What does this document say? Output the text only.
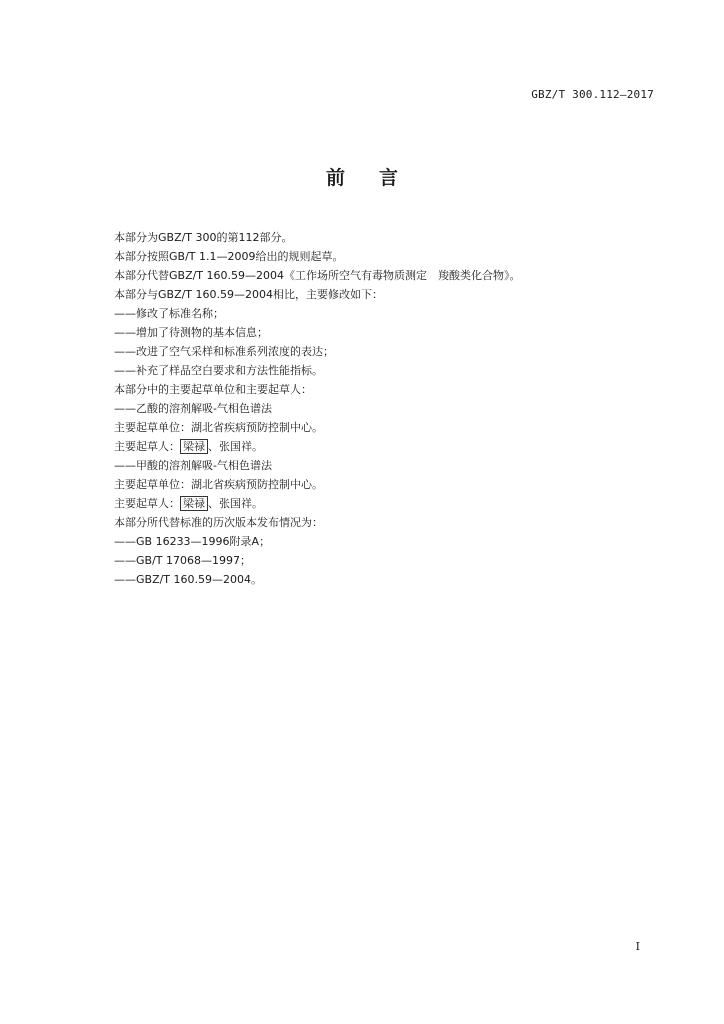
GBZ/T 300.112—2017
前 言
本部分为GBZ/T 300的第112部分。
本部分按照GB/T 1.1—2009给出的规则起草。
本部分代替GBZ/T 160.59—2004《工作场所空气有毒物质测定　羧酸类化合物》。
本部分与GBZ/T 160.59—2004相比，主要修改如下：
——修改了标准名称；
——增加了待测物的基本信息；
——改进了空气采样和标准系列浓度的表达；
——补充了样品空白要求和方法性能指标。
本部分中的主要起草单位和主要起草人：
——乙酸的溶剂解吸-气相色谱法
主要起草单位：湖北省疾病预防控制中心。
主要起草人： 梁禄 、张国祥。
——甲酸的溶剂解吸-气相色谱法
主要起草单位：湖北省疾病预防控制中心。
主要起草人： 梁禄 、张国祥。
本部分所代替标准的历次版本发布情况为：
——GB 16233—1996附录A；
——GB/T 17068—1997；
——GBZ/T 160.59—2004。
I
